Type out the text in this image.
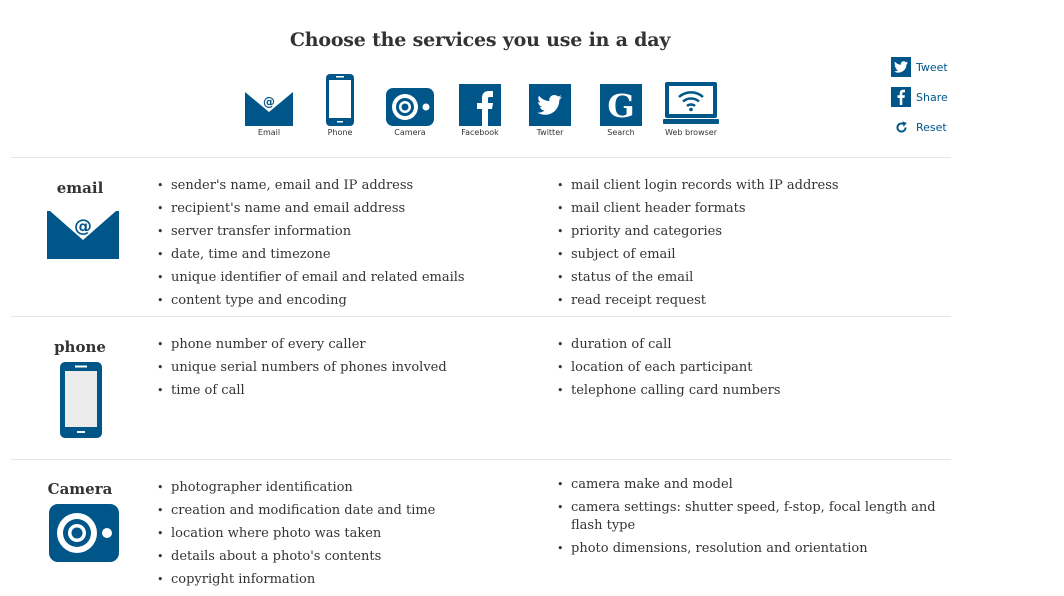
Choose the services you use in a day
@
Email	Phone	Camera	Facebook	Twitter
G
Search	Web browser
Tweet
Share
Reset
email
@
• sender's name, email and IP address
• recipient's name and email address
• server transfer information
• date, time and timezone
• unique identifier of email and related emails
• content type and encoding
• mail client login records with IP address
• mail client header formats
• priority and categories
• subject of email
• status of the email
• read receipt request
phone	• phone number of every caller
• unique serial numbers of phones involved
• time of call
• duration of call
• location of each participant
• telephone calling card numbers
Camera	• photographer identification
• creation and modification date and time
• location where photo was taken
• details about a photo's contents
• copyright information
• camera make and model
• camera settings: shutter speed, f-stop, focal length and flash type
• photo dimensions, resolution and orientation
